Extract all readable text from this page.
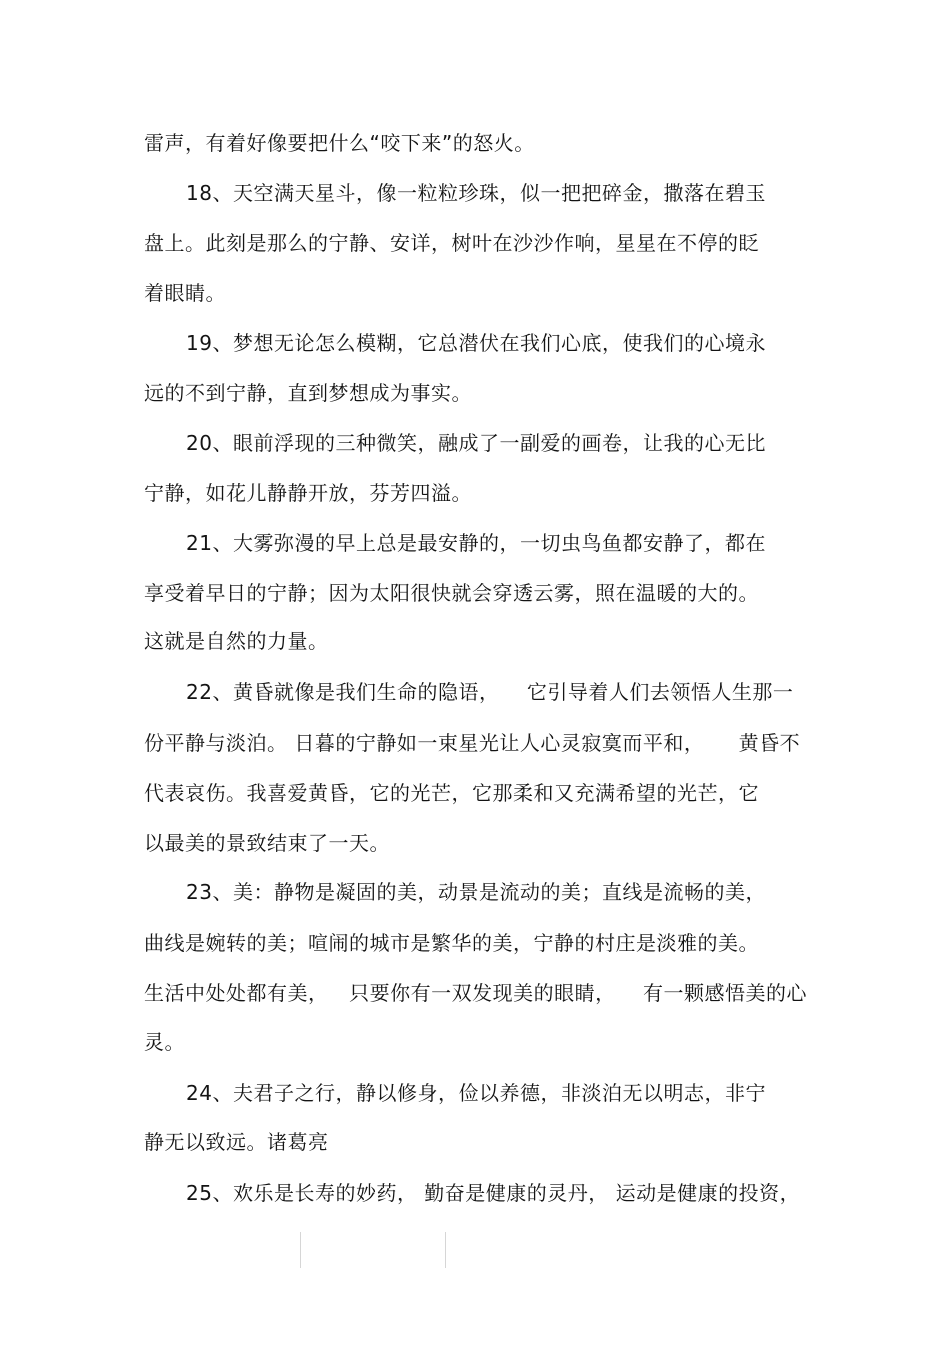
雷声，有着好像要把什么“咬下来”的怒火。
18、天空满天星斗，像一粒粒珍珠，似一把把碎金，撒落在碧玉
盘上。此刻是那么的宁静、安详，树叶在沙沙作响，星星在不停的眨
着眼睛。
19、梦想无论怎么模糊，它总潜伏在我们心底，使我们的心境永
远的不到宁静，直到梦想成为事实。
20、眼前浮现的三种微笑，融成了一副爱的画卷，让我的心无比
宁静，如花儿静静开放，芬芳四溢。
21、大雾弥漫的早上总是最安静的，一切虫鸟鱼都安静了，都在
享受着早日的宁静；因为太阳很快就会穿透云雾，照在温暖的大的。
这就是自然的力量。
22、黄昏就像是我们生命的隐语，    它引导着人们去领悟人生那一
份平静与淡泊。 日暮的宁静如一束星光让人心灵寂寞而平和，     黄昏不
代表哀伤。我喜爱黄昏，它的光芒，它那柔和又充满希望的光芒，它
以最美的景致结束了一天。
23、美：静物是凝固的美，动景是流动的美；直线是流畅的美，
曲线是婉转的美；喧闹的城市是繁华的美，宁静的村庄是淡雅的美。
生活中处处都有美，   只要你有一双发现美的眼睛，    有一颗感悟美的心
灵。
24、夫君子之行，静以修身，俭以养德，非淡泊无以明志，非宁
静无以致远。诸葛亮
25、欢乐是长寿的妙药， 勤奋是健康的灵丹， 运动是健康的投资，
